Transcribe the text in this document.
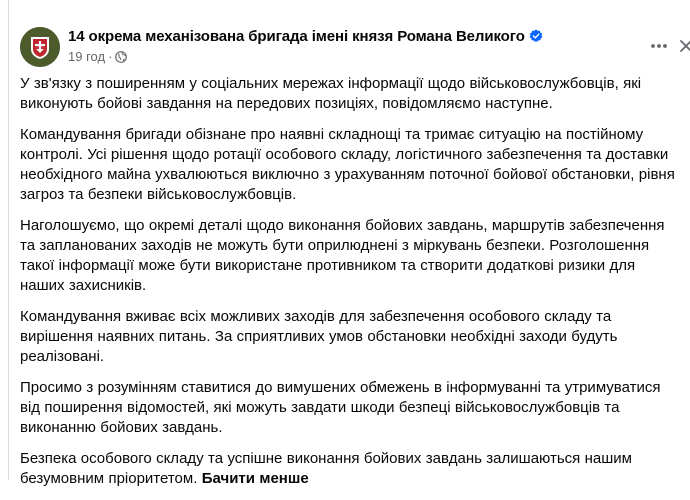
14 окрема механізована бригада імені князя Романа Великого
19 год ·

У зв'язку з поширенням у соціальних мережах інформації щодо військовослужбовців, які виконують бойові завдання на передових позиціях, повідомляємо наступне.

Командування бригади обізнане про наявні складнощі та тримає ситуацію на постійному контролі. Усі рішення щодо ротації особового складу, логістичного забезпечення та доставки необхідного майна ухвалюються виключно з урахуванням поточної бойової обстановки, рівня загроз та безпеки військовослужбовців.

Наголошуємо, що окремі деталі щодо виконання бойових завдань, маршрутів забезпечення та запланованих заходів не можуть бути оприлюднені з міркувань безпеки. Розголошення такої інформації може бути використане противником та створити додаткові ризики для наших захисників.

Командування вживає всіх можливих заходів для забезпечення особового складу та вирішення наявних питань. За сприятливих умов обстановки необхідні заходи будуть реалізовані.

Просимо з розумінням ставитися до вимушених обмежень в інформуванні та утримуватися від поширення відомостей, які можуть завдати шкоди безпеці військовослужбовців та виконанню бойових завдань.

Безпека особового складу та успішне виконання бойових завдань залишаються нашим безумовним пріоритетом. Бачити менше
